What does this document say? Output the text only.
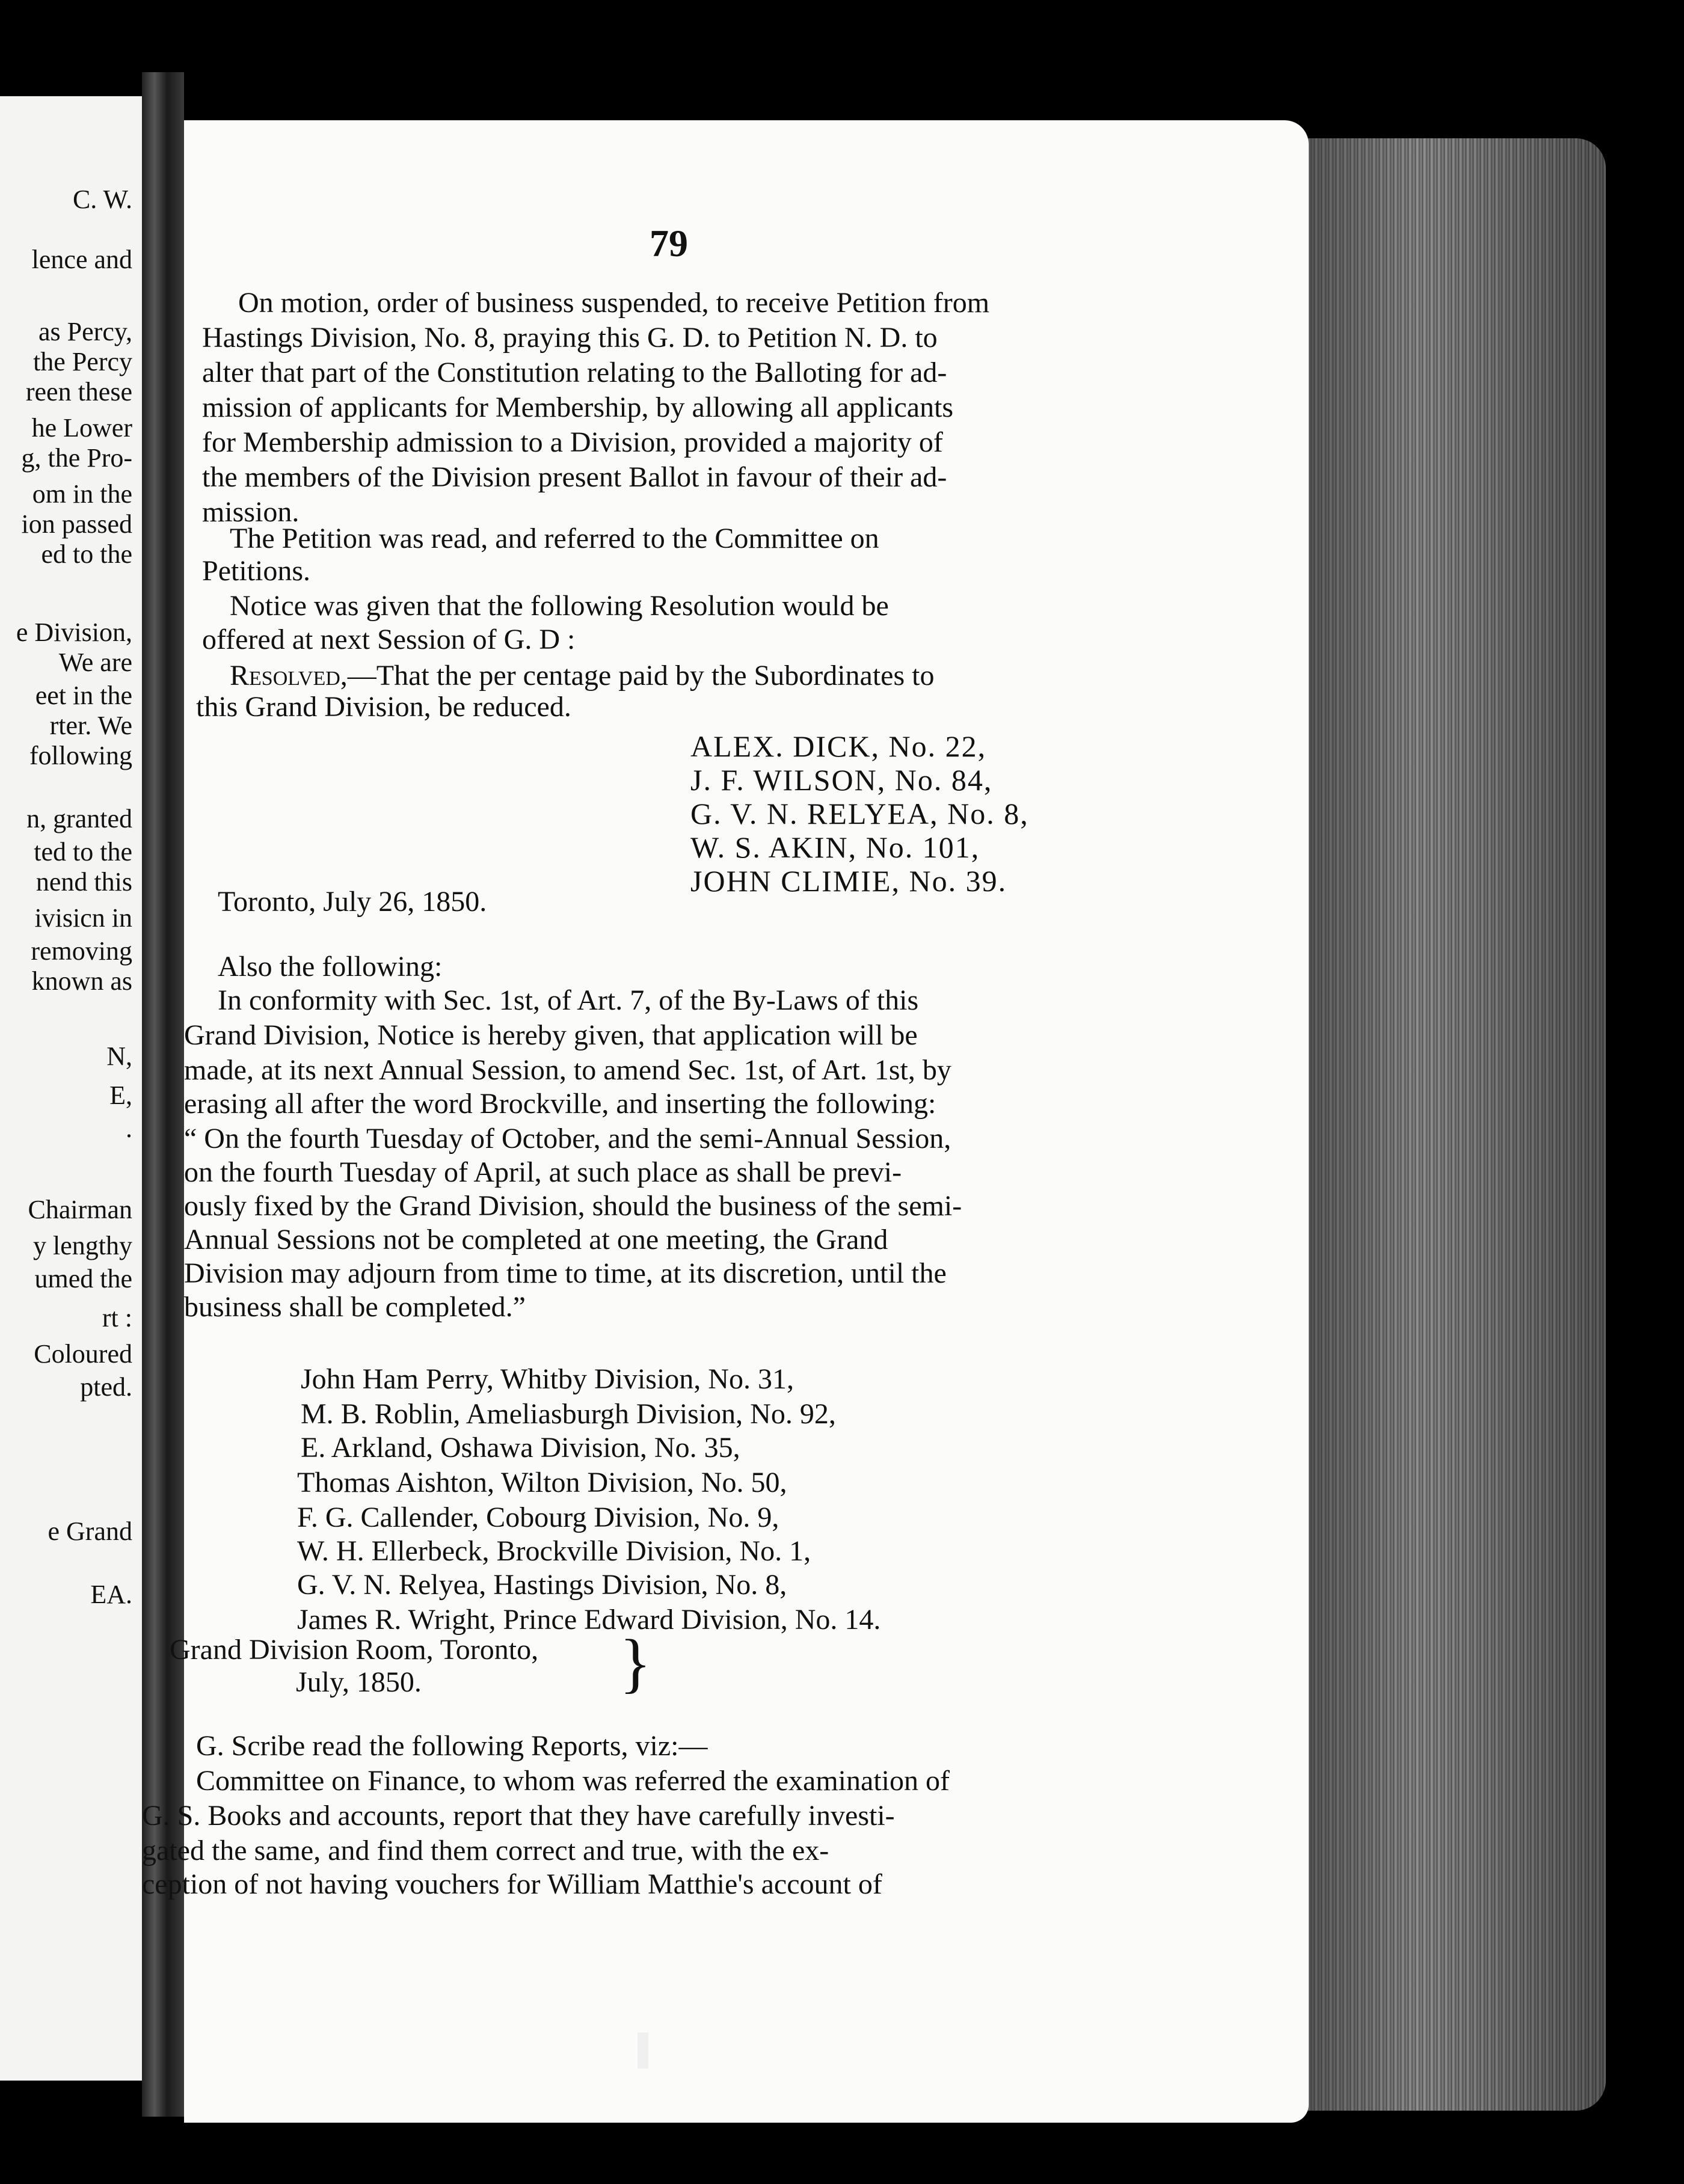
C. W.
lence and
as Percy,
the Percy
reen these
he Lower
g, the Pro-
om in the
ion passed
ed to the
e Division,
We are
eet in the
rter. We
following
n, granted
ted to the
nend this
ivisicn in
removing
known as
N,
E,
.
Chairman
y lengthy
umed the
rt :
Coloured
pted.
e Grand
EA.
79
On motion, order of business suspended, to receive Petition from
Hastings Division, No. 8, praying this G. D. to Petition N. D. to
alter that part of the Constitution relating to the Balloting for ad-
mission of applicants for Membership, by allowing all applicants
for Membership admission to a Division, provided a majority of
the members of the Division present Ballot in favour of their ad-
mission.
The Petition was read, and referred to the Committee on
Petitions.
Notice was given that the following Resolution would be
offered at next Session of G. D :
Resolved,—That the per centage paid by the Subordinates to
this Grand Division, be reduced.
ALEX. DICK, No. 22,
J. F. WILSON, No. 84,
G. V. N. RELYEA, No. 8,
W. S. AKIN, No. 101,
JOHN CLIMIE, No. 39.
Toronto, July 26, 1850.
Also the following:
In conformity with Sec. 1st, of Art. 7, of the By-Laws of this
Grand Division, Notice is hereby given, that application will be
made, at its next Annual Session, to amend Sec. 1st, of Art. 1st, by
erasing all after the word Brockville, and inserting the following:
“ On the fourth Tuesday of October, and the semi-Annual Session,
on the fourth Tuesday of April, at such place as shall be previ-
ously fixed by the Grand Division, should the business of the semi-
Annual Sessions not be completed at one meeting, the Grand
Division may adjourn from time to time, at its discretion, until the
business shall be completed.”
John Ham Perry, Whitby Division, No. 31,
M. B. Roblin, Ameliasburgh Division, No. 92,
E. Arkland, Oshawa Division, No. 35,
Thomas Aishton, Wilton Division, No. 50,
F. G. Callender, Cobourg Division, No. 9,
W. H. Ellerbeck, Brockville Division, No. 1,
G. V. N. Relyea, Hastings Division, No. 8,
James R. Wright, Prince Edward Division, No. 14.
Grand Division Room, Toronto,
July, 1850.	}
G. Scribe read the following Reports, viz:—
Committee on Finance, to whom was referred the examination of
G. S. Books and accounts, report that they have carefully investi-
gated the same, and find them correct and true, with the ex-
ception of not having vouchers for William Matthie's account of
